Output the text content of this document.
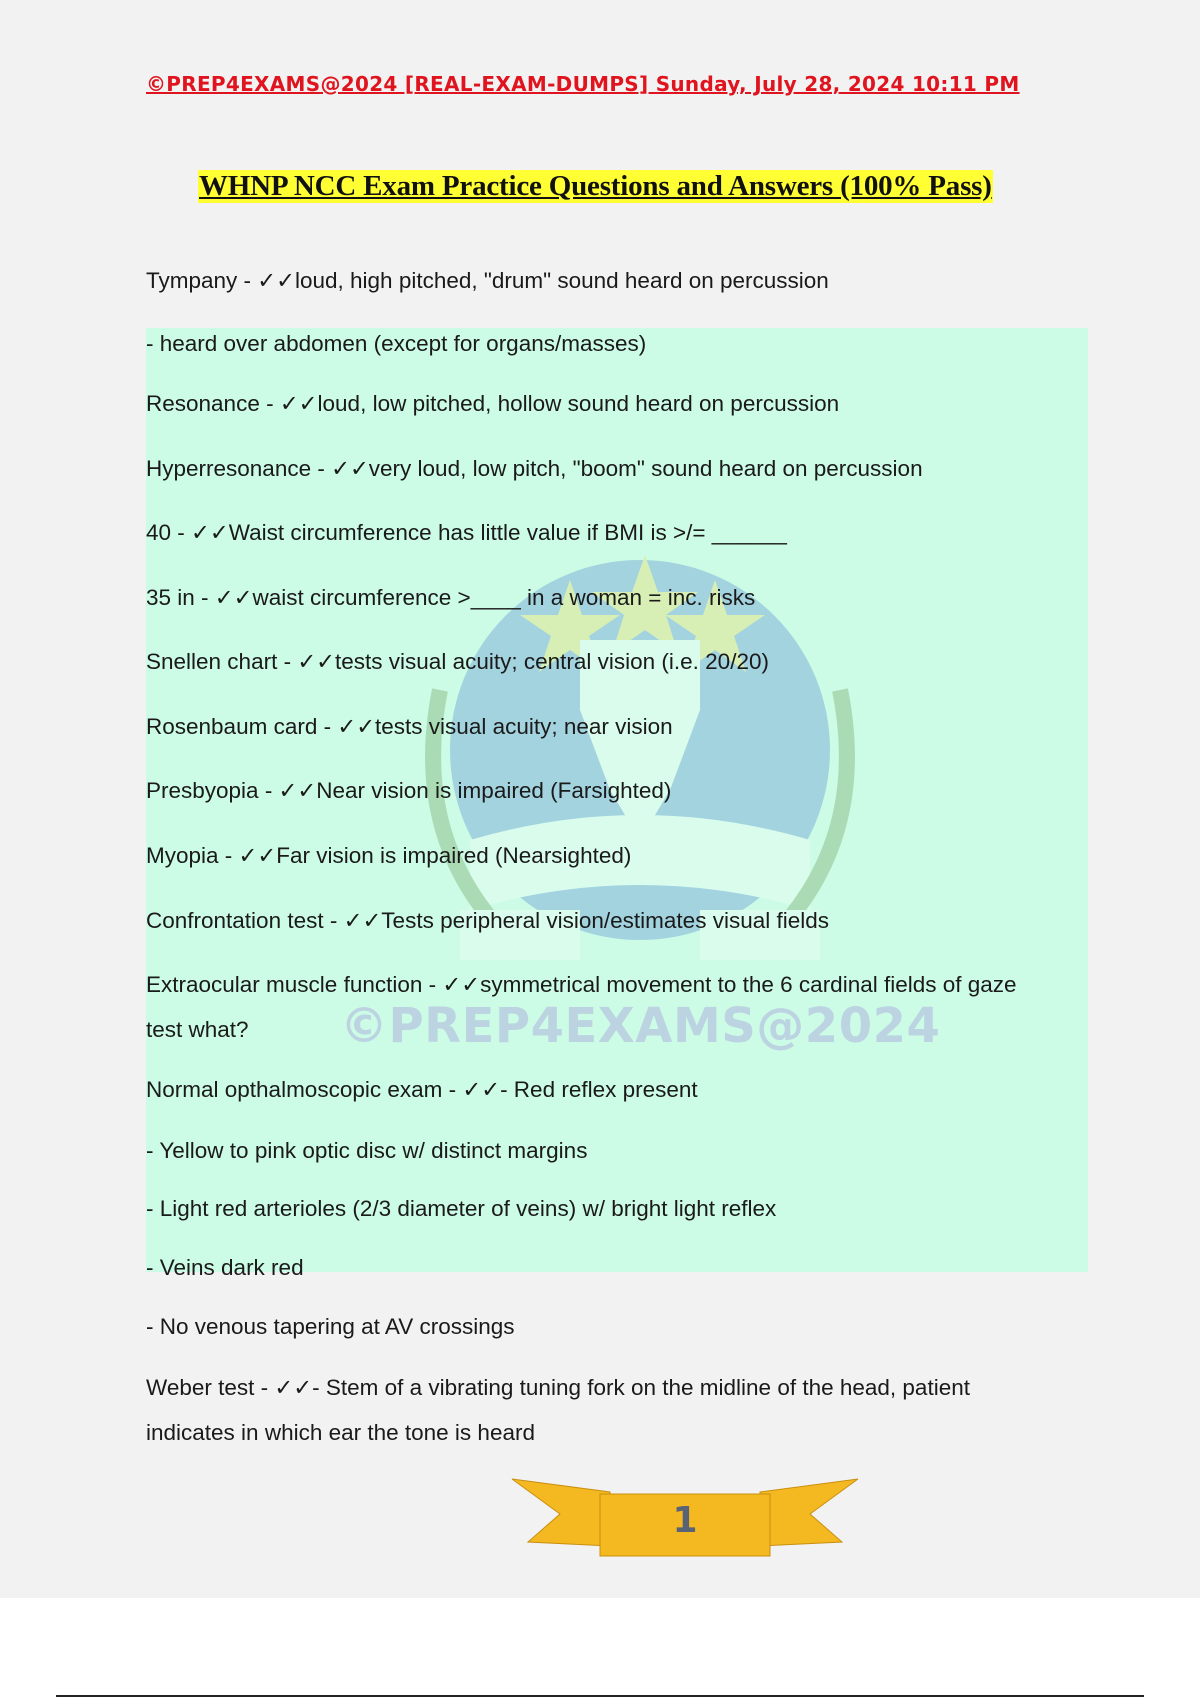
©PREP4EXAMS@2024 [REAL-EXAM-DUMPS] Sunday, July 28, 2024 10:11 PM
WHNP NCC Exam Practice Questions and Answers (100% Pass)
©PREP4EXAMS@2024
Tympany - ✓✓loud, high pitched, "drum" sound heard on percussion
- heard over abdomen (except for organs/masses)
Resonance - ✓✓loud, low pitched, hollow sound heard on percussion
Hyperresonance - ✓✓very loud, low pitch, "boom" sound heard on percussion
40 - ✓✓Waist circumference has little value if BMI is >/= ______
35 in - ✓✓waist circumference >____ in a woman = inc. risks
Snellen chart - ✓✓tests visual acuity; central vision (i.e. 20/20)
Rosenbaum card - ✓✓tests visual acuity; near vision
Presbyopia - ✓✓Near vision is impaired (Farsighted)
Myopia - ✓✓Far vision is impaired (Nearsighted)
Confrontation test - ✓✓Tests peripheral vision/estimates visual fields
Extraocular muscle function - ✓✓symmetrical movement to the 6 cardinal fields of gaze
test what?
Normal opthalmoscopic exam - ✓✓- Red reflex present
- Yellow to pink optic disc w/ distinct margins
- Light red arterioles (2/3 diameter of veins) w/ bright light reflex
- Veins dark red
- No venous tapering at AV crossings
Weber test - ✓✓- Stem of a vibrating tuning fork on the midline of the head, patient
indicates in which ear the tone is heard
1
